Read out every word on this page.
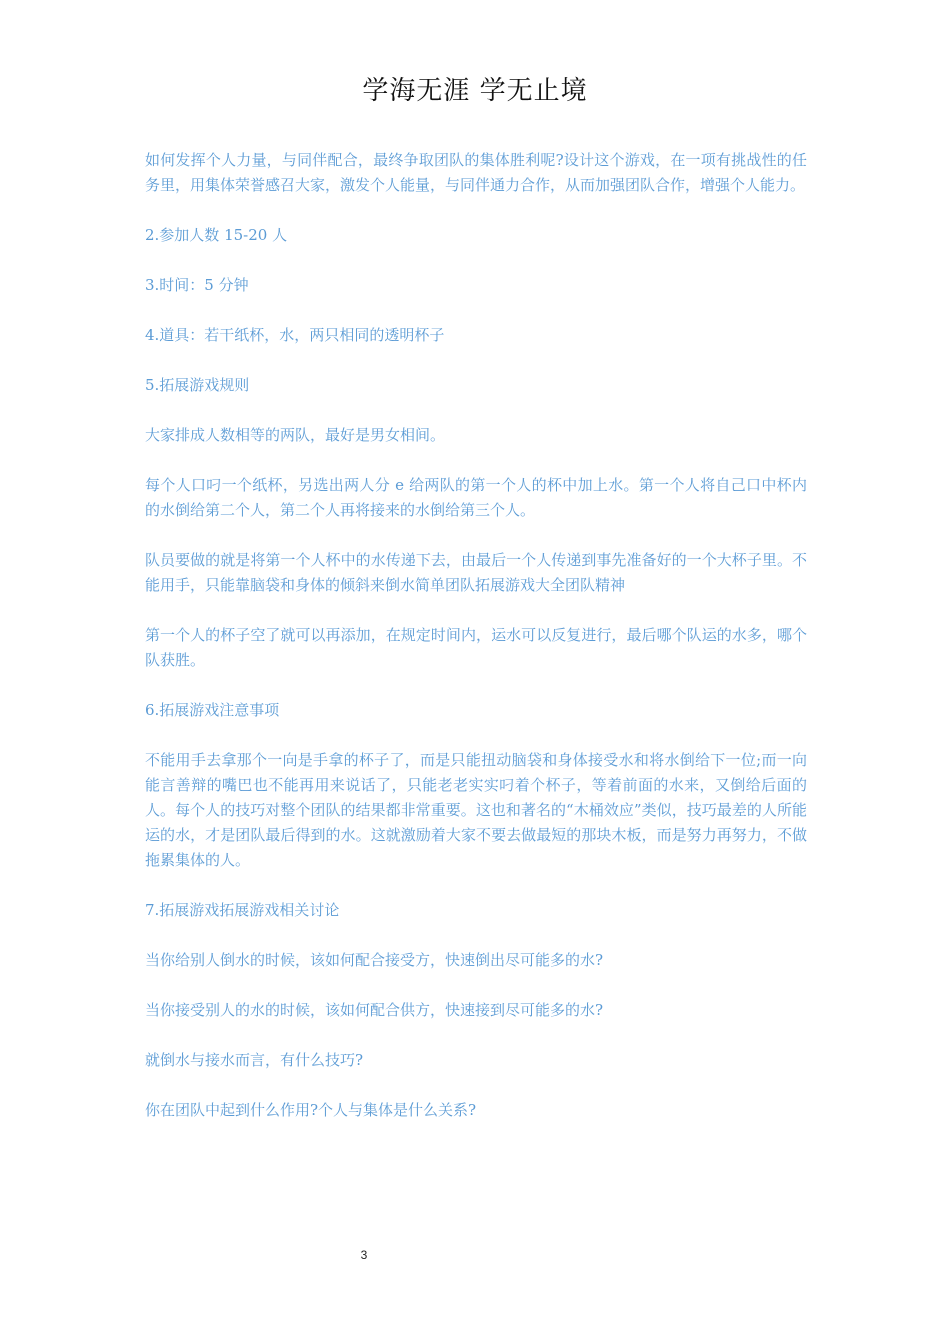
学海无涯 学无止境

如何发挥个人力量，与同伴配合，最终争取团队的集体胜利呢?设计这个游戏，在一项有挑战性的任务里，用集体荣誉感召大家，激发个人能量，与同伴通力合作，从而加强团队合作，增强个人能力。

2.参加人数 15-20 人

3.时间：5 分钟

4.道具：若干纸杯，水，两只相同的透明杯子

5.拓展游戏规则

大家排成人数相等的两队，最好是男女相间。

每个人口叼一个纸杯，另选出两人分 e 给两队的第一个人的杯中加上水。第一个人将自己口中杯内的水倒给第二个人，第二个人再将接来的水倒给第三个人。

队员要做的就是将第一个人杯中的水传递下去，由最后一个人传递到事先准备好的一个大杯子里。不能用手，只能靠脑袋和身体的倾斜来倒水简单团队拓展游戏大全团队精神

第一个人的杯子空了就可以再添加，在规定时间内，运水可以反复进行，最后哪个队运的水多，哪个队获胜。

6.拓展游戏注意事项

不能用手去拿那个一向是手拿的杯子了，而是只能扭动脑袋和身体接受水和将水倒给下一位;而一向能言善辩的嘴巴也不能再用来说话了，只能老老实实叼着个杯子，等着前面的水来，又倒给后面的人。每个人的技巧对整个团队的结果都非常重要。这也和著名的“木桶效应”类似，技巧最差的人所能运的水，才是团队最后得到的水。这就激励着大家不要去做最短的那块木板，而是努力再努力，不做拖累集体的人。

7.拓展游戏拓展游戏相关讨论

当你给别人倒水的时候，该如何配合接受方，快速倒出尽可能多的水?

当你接受别人的水的时候，该如何配合供方，快速接到尽可能多的水?

就倒水与接水而言，有什么技巧?

你在团队中起到什么作用?个人与集体是什么关系?

3
